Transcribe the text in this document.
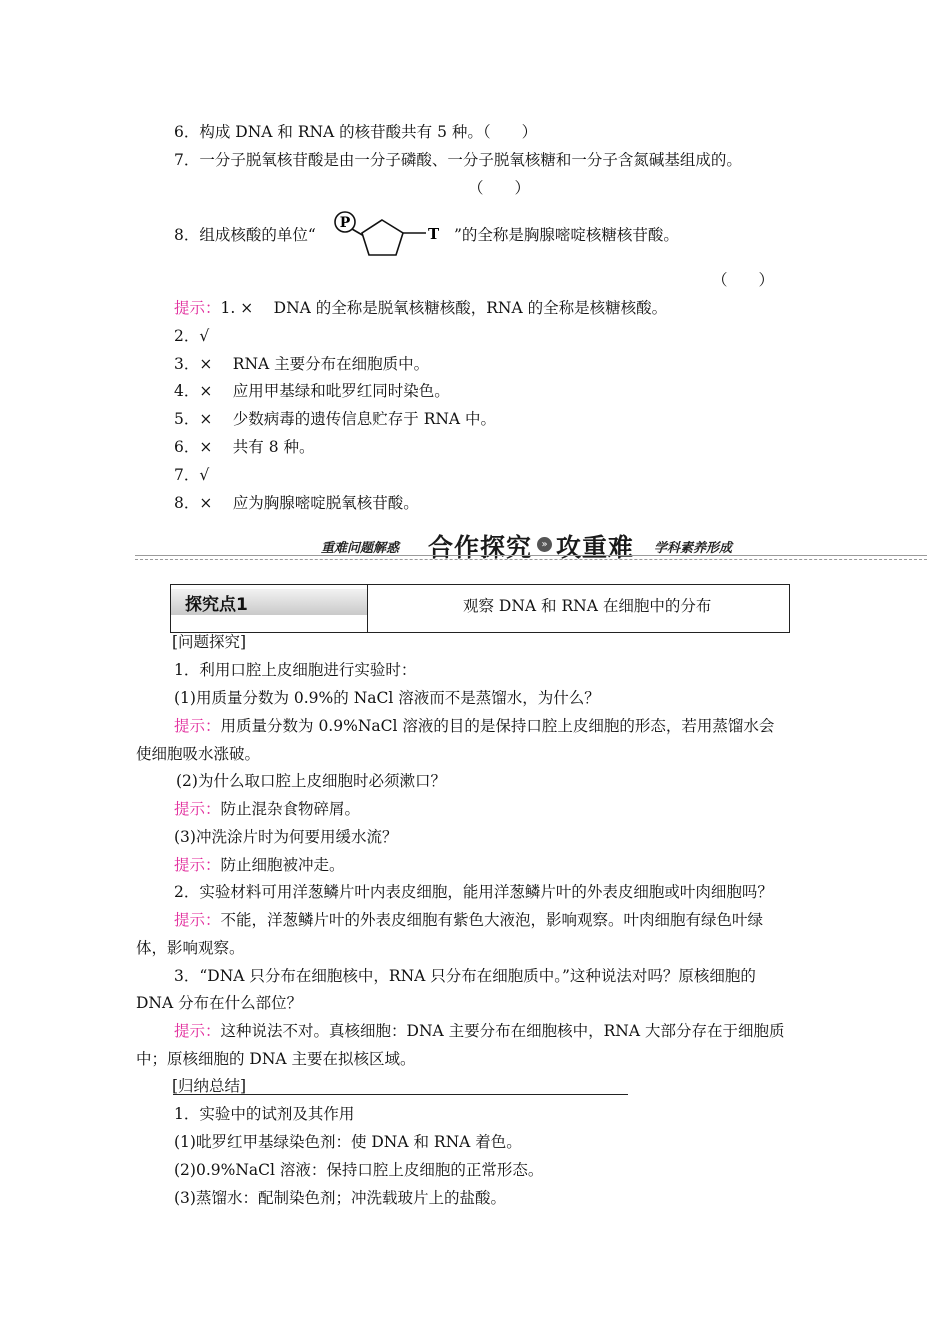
6．构成 DNA 和 RNA 的核苷酸共有 5 种。（　　）
7．一分子脱氧核苷酸是由一分子磷酸、一分子脱氧核糖和一分子含氮碱基组成的。
（　　）
8．组成核酸的单位“
P
T ”的全称是胸腺嘧啶核糖核苷酸。
（　　）
提示：1. ×　 DNA 的全称是脱氧核糖核酸，RNA 的全称是核糖核酸。
2．√
3．×　 RNA 主要分布在细胞质中。
4．×　 应用甲基绿和吡罗红同时染色。
5．×　 少数病毒的遗传信息贮存于 RNA 中。
6．×　 共有 8 种。
7．√
8．×　 应为胸腺嘧啶脱氧核苷酸。
重难问题解惑 合作探究 » 攻重难 学科素养形成
探究点1	观察 DNA 和 RNA 在细胞中的分布
[问题探究]
1．利用口腔上皮细胞进行实验时：
(1)用质量分数为 0.9%的 NaCl 溶液而不是蒸馏水，为什么？
提示：用质量分数为 0.9%NaCl 溶液的目的是保持口腔上皮细胞的形态，若用蒸馏水会
使细胞吸水涨破。
(2)为什么取口腔上皮细胞时必须漱口？
提示：防止混杂食物碎屑。
(3)冲洗涂片时为何要用缓水流？
提示：防止细胞被冲走。
2．实验材料可用洋葱鳞片叶内表皮细胞，能用洋葱鳞片叶的外表皮细胞或叶肉细胞吗？
提示：不能，洋葱鳞片叶的外表皮细胞有紫色大液泡，影响观察。叶肉细胞有绿色叶绿
体，影响观察。
3．“DNA 只分布在细胞核中，RNA 只分布在细胞质中。”这种说法对吗？原核细胞的
DNA 分布在什么部位？
提示：这种说法不对。真核细胞：DNA 主要分布在细胞核中，RNA 大部分存在于细胞质
中；原核细胞的 DNA 主要在拟核区域。
[归纳总结]
1．实验中的试剂及其作用
(1)吡罗红甲基绿染色剂：使 DNA 和 RNA 着色。
(2)0.9%NaCl 溶液：保持口腔上皮细胞的正常形态。
(3)蒸馏水：配制染色剂；冲洗载玻片上的盐酸。
